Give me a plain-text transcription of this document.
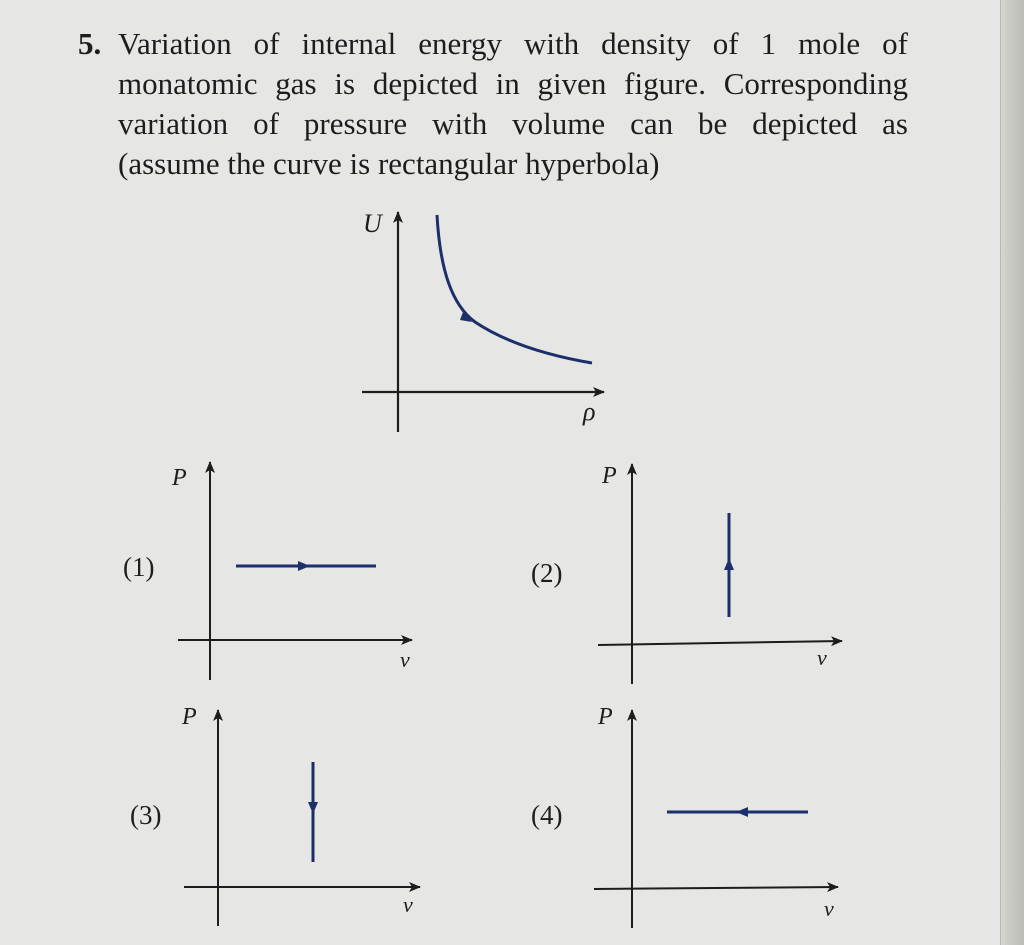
5. Variation of internal energy with density of 1 mole of
monatomic gas is depicted in given figure. Corresponding
variation of pressure with volume can be depicted as
(assume the curve is rectangular hyperbola)
U
ρ
P
v
P
v
P
v
P
v
(1)	(2)
(3)	(4)
